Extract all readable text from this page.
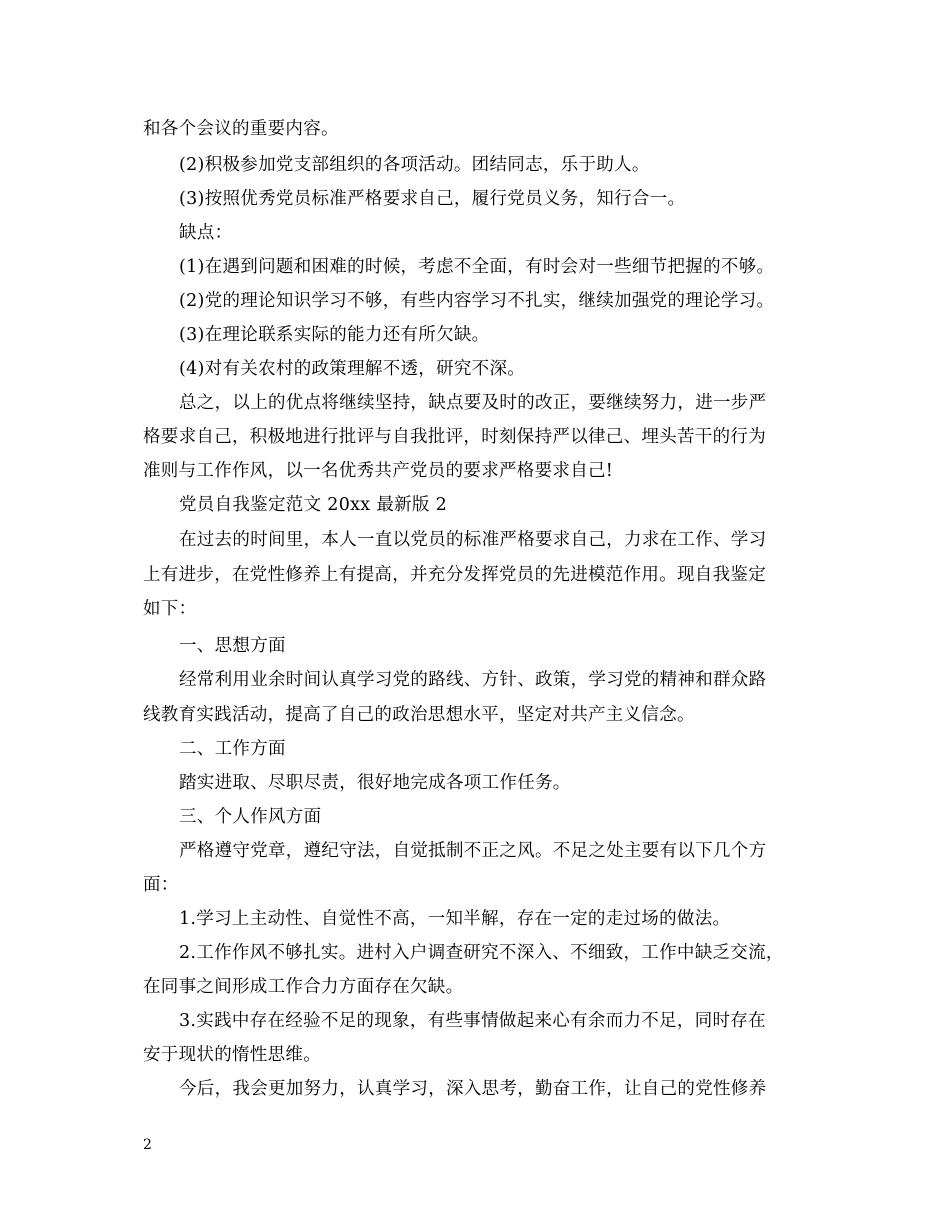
和各个会议的重要内容。
(2)积极参加党支部组织的各项活动。团结同志，乐于助人。
(3)按照优秀党员标准严格要求自己，履行党员义务，知行合一。
缺点：
(1)在遇到问题和困难的时候，考虑不全面，有时会对一些细节把握的不够。
(2)党的理论知识学习不够，有些内容学习不扎实，继续加强党的理论学习。
(3)在理论联系实际的能力还有所欠缺。
(4)对有关农村的政策理解不透，研究不深。
总之，以上的优点将继续坚持，缺点要及时的改正，要继续努力，进一步严
格要求自己，积极地进行批评与自我批评，时刻保持严以律己、埋头苦干的行为
准则与工作作风，以一名优秀共产党员的要求严格要求自己!
党员自我鉴定范文 20xx 最新版 2
在过去的时间里，本人一直以党员的标准严格要求自己，力求在工作、学习
上有进步，在党性修养上有提高，并充分发挥党员的先进模范作用。现自我鉴定
如下：
一、思想方面
经常利用业余时间认真学习党的路线、方针、政策，学习党的精神和群众路
线教育实践活动，提高了自己的政治思想水平，坚定对共产主义信念。
二、工作方面
踏实进取、尽职尽责，很好地完成各项工作任务。
三、个人作风方面
严格遵守党章，遵纪守法，自觉抵制不正之风。不足之处主要有以下几个方
面：
1.学习上主动性、自觉性不高，一知半解，存在一定的走过场的做法。
2.工作作风不够扎实。进村入户调查研究不深入、不细致，工作中缺乏交流，
在同事之间形成工作合力方面存在欠缺。
3.实践中存在经验不足的现象，有些事情做起来心有余而力不足，同时存在
安于现状的惰性思维。
今后，我会更加努力，认真学习，深入思考，勤奋工作，让自己的党性修养
2
